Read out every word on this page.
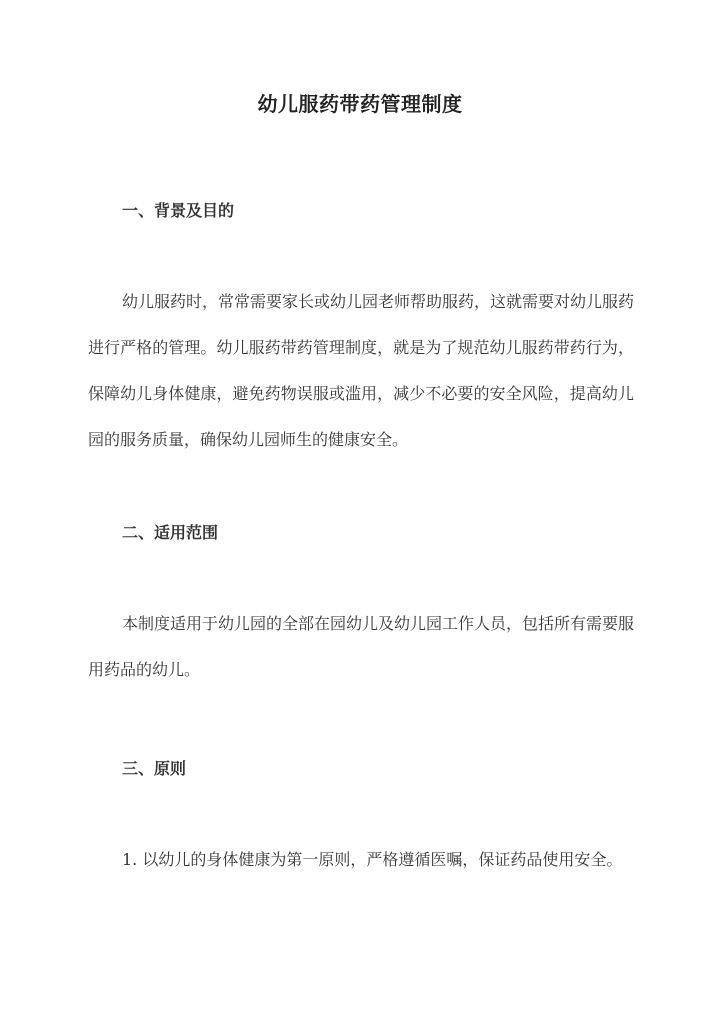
幼儿服药带药管理制度
一、背景及目的

幼儿服药时，常常需要家长或幼儿园老师帮助服药，这就需要对幼儿服药进行严格的管理。幼儿服药带药管理制度，就是为了规范幼儿服药带药行为，保障幼儿身体健康，避免药物误服或滥用，减少不必要的安全风险，提高幼儿园的服务质量，确保幼儿园师生的健康安全。

二、适用范围

本制度适用于幼儿园的全部在园幼儿及幼儿园工作人员，包括所有需要服用药品的幼儿。

三、原则

1. 以幼儿的身体健康为第一原则，严格遵循医嘱，保证药品使用安全。
